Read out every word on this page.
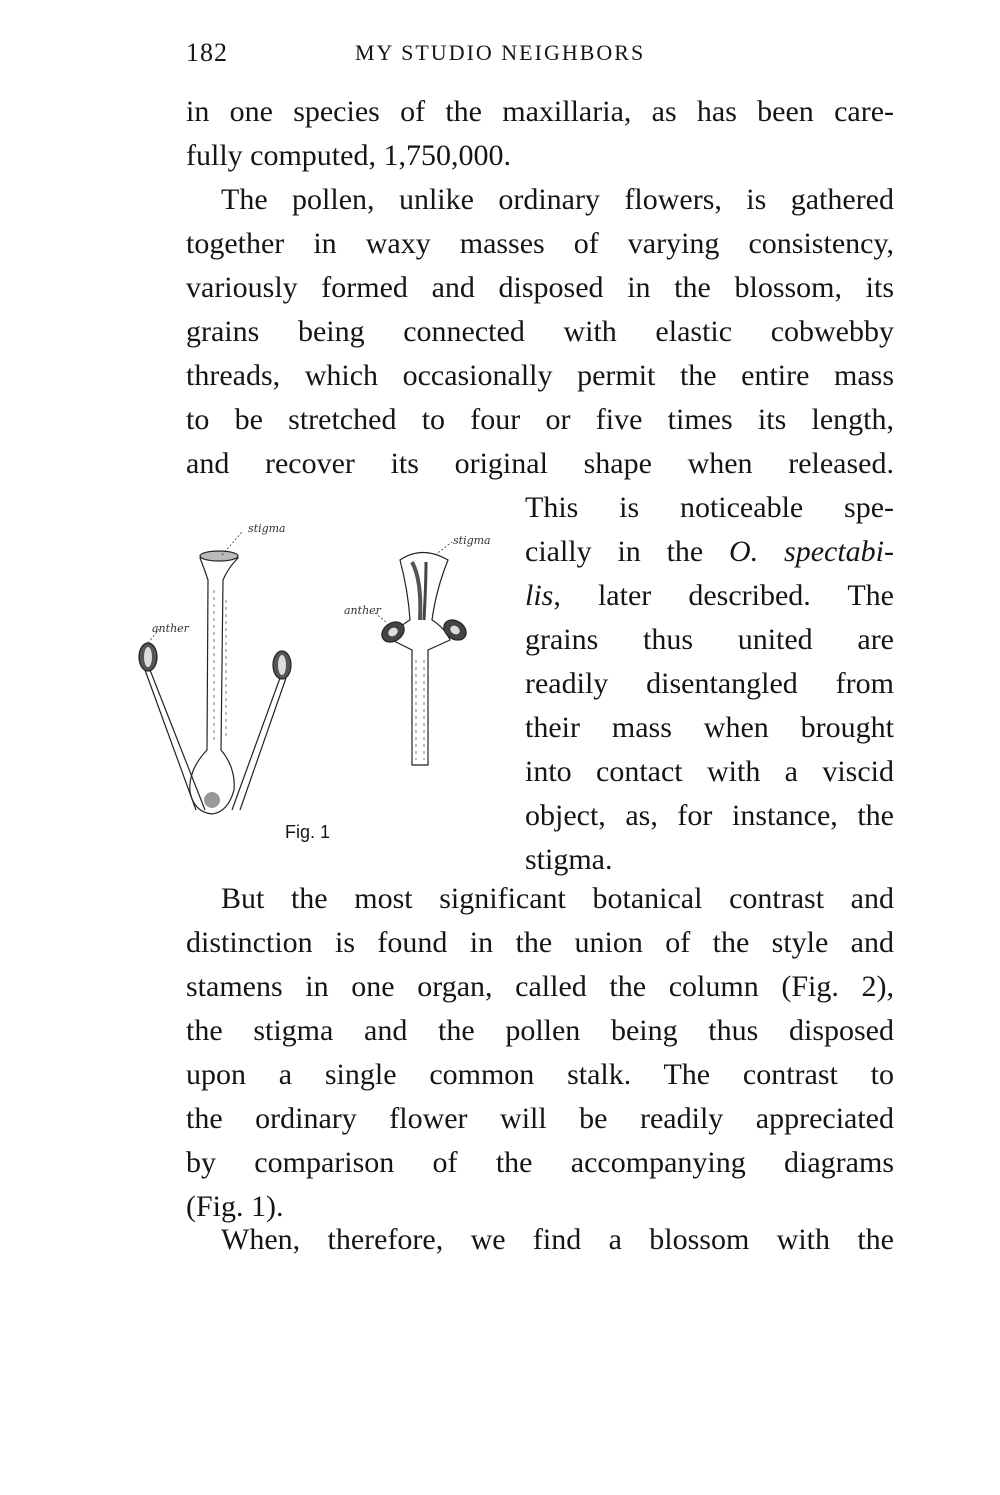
182	MY STUDIO NEIGHBORS
in one species of the maxillaria, as has been care-
fully computed, 1,750,000.
The pollen, unlike ordinary flowers, is gathered
together in waxy masses of varying consistency,
variously formed and disposed in the blossom, its
grains being connected with elastic cobwebby
threads, which occasionally permit the entire mass
to be stretched to four or five times its length,
and recover its original shape when released.
This is noticeable spe-
cially in the O. spectabi-
lis, later described. The
grains thus united are
readily disentangled from
their mass when brought
into contact with a viscid
object, as, for instance, the
stigma.
stigma
anther
stigma
anther
Fig. 1
But the most significant botanical contrast and
distinction is found in the union of the style and
stamens in one organ, called the column (Fig. 2),
the stigma and the pollen being thus disposed
upon a single common stalk. The contrast to
the ordinary flower will be readily appreciated
by comparison of the accompanying diagrams
(Fig. 1).
When, therefore, we find a blossom with the
